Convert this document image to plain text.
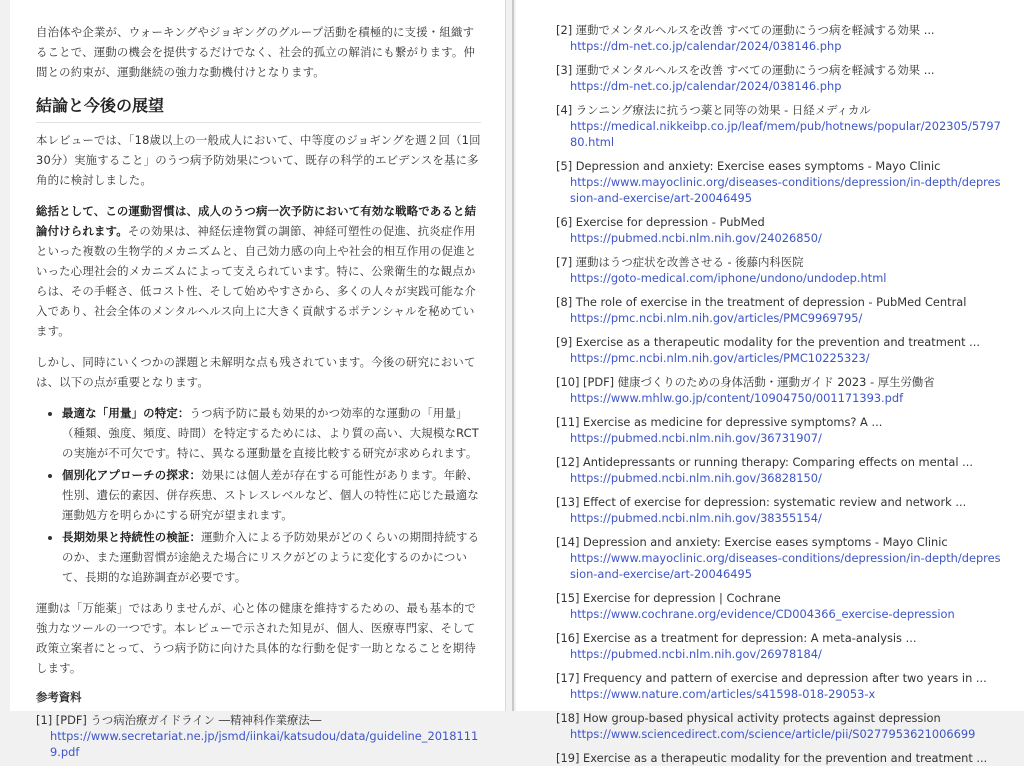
自治体や企業が、ウォーキングやジョギングのグループ活動を積極的に支援・組織することで、運動の機会を提供するだけでなく、社会的孤立の解消にも繋がります。仲間との約束が、運動継続の強力な動機付けとなります。

結論と今後の展望

本レビューでは、「18歳以上の一般成人において、中等度のジョギングを週２回（1回30分）実施すること」のうつ病予防効果について、既存の科学的エビデンスを基に多角的に検討しました。

総括として、この運動習慣は、成人のうつ病一次予防において有効な戦略であると結論付けられます。その効果は、神経伝達物質の調節、神経可塑性の促進、抗炎症作用といった複数の生物学的メカニズムと、自己効力感の向上や社会的相互作用の促進といった心理社会的メカニズムによって支えられています。特に、公衆衛生的な観点からは、その手軽さ、低コスト性、そして始めやすさから、多くの人々が実践可能な介入であり、社会全体のメンタルヘルス向上に大きく貢献するポテンシャルを秘めています。

しかし、同時にいくつかの課題と未解明な点も残されています。今後の研究においては、以下の点が重要となります。

• 最適な「用量」の特定：うつ病予防に最も効果的かつ効率的な運動の「用量」（種類、強度、頻度、時間）を特定するためには、より質の高い、大規模なRCTの実施が不可欠です。特に、異なる運動量を直接比較する研究が求められます。
• 個別化アプローチの探求：効果には個人差が存在する可能性があります。年齢、性別、遺伝的素因、併存疾患、ストレスレベルなど、個人の特性に応じた最適な運動処方を明らかにする研究が望まれます。
• 長期効果と持続性の検証：運動介入による予防効果がどのくらいの期間持続するのか、また運動習慣が途絶えた場合にリスクがどのように変化するのかについて、長期的な追跡調査が必要です。

運動は「万能薬」ではありませんが、心と体の健康を維持するための、最も基本的で強力なツールの一つです。本レビューで示された知見が、個人、医療専門家、そして政策立案者にとって、うつ病予防に向けた具体的な行動を促す一助となることを期待します。

参考資料
[1] [PDF] うつ病治療ガイドライン ―精神科作業療法―
https://www.secretariat.ne.jp/jsmd/iinkai/katsudou/data/guideline_20181119.pdf
[2] 運動でメンタルヘルスを改善 すべての運動にうつ病を軽減する効果 ...
https://dm-net.co.jp/calendar/2024/038146.php
[3] 運動でメンタルヘルスを改善 すべての運動にうつ病を軽減する効果 ...
https://dm-net.co.jp/calendar/2024/038146.php
[4] ランニング療法に抗うつ薬と同等の効果 - 日経メディカル
https://medical.nikkeibp.co.jp/leaf/mem/pub/hotnews/popular/202305/579780.html
[5] Depression and anxiety: Exercise eases symptoms - Mayo Clinic
https://www.mayoclinic.org/diseases-conditions/depression/in-depth/depression-and-exercise/art-20046495
[6] Exercise for depression - PubMed
https://pubmed.ncbi.nlm.nih.gov/24026850/
[7] 運動はうつ症状を改善させる - 後藤内科医院
https://goto-medical.com/iphone/undono/undodep.html
[8] The role of exercise in the treatment of depression - PubMed Central
https://pmc.ncbi.nlm.nih.gov/articles/PMC9969795/
[9] Exercise as a therapeutic modality for the prevention and treatment ...
https://pmc.ncbi.nlm.nih.gov/articles/PMC10225323/
[10] [PDF] 健康づくりのための身体活動・運動ガイド 2023 - 厚生労働省
https://www.mhlw.go.jp/content/10904750/001171393.pdf
[11] Exercise as medicine for depressive symptoms? A ...
https://pubmed.ncbi.nlm.nih.gov/36731907/
[12] Antidepressants or running therapy: Comparing effects on mental ...
https://pubmed.ncbi.nlm.nih.gov/36828150/
[13] Effect of exercise for depression: systematic review and network ...
https://pubmed.ncbi.nlm.nih.gov/38355154/
[14] Depression and anxiety: Exercise eases symptoms - Mayo Clinic
https://www.mayoclinic.org/diseases-conditions/depression/in-depth/depression-and-exercise/art-20046495
[15] Exercise for depression | Cochrane
https://www.cochrane.org/evidence/CD004366_exercise-depression
[16] Exercise as a treatment for depression: A meta-analysis ...
https://pubmed.ncbi.nlm.nih.gov/26978184/
[17] Frequency and pattern of exercise and depression after two years in ...
https://www.nature.com/articles/s41598-018-29053-x
[18] How group-based physical activity protects against depression
https://www.sciencedirect.com/science/article/pii/S0277953621006699
[19] Exercise as a therapeutic modality for the prevention and treatment ...
